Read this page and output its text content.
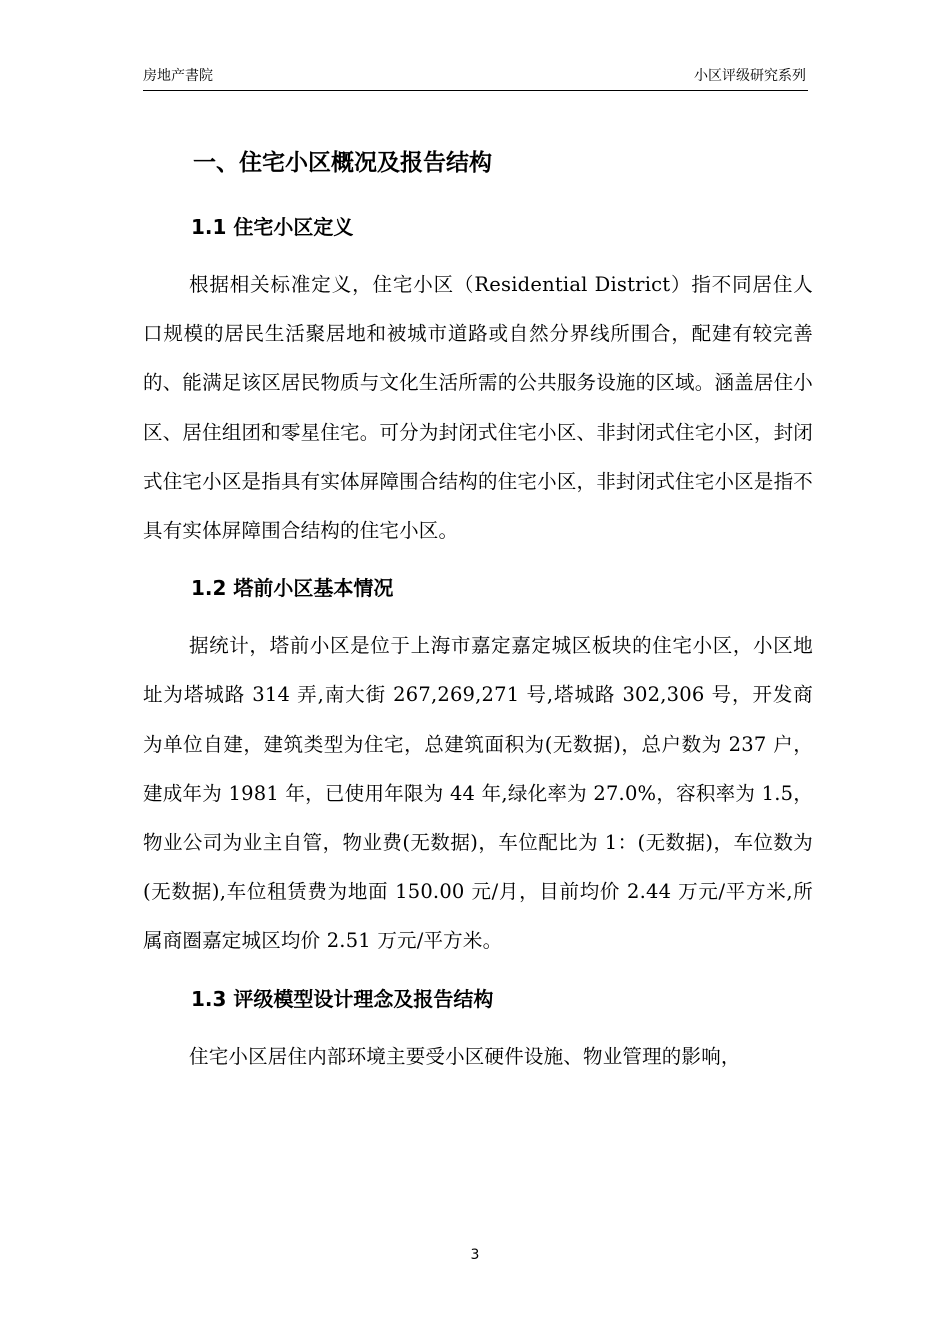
房地产書院	小区评级研究系列
一、住宅小区概况及报告结构
1.1 住宅小区定义

根据相关标准定义，住宅小区（Residential District）指不同居住人口规模的居民生活聚居地和被城市道路或自然分界线所围合，配建有较完善的、能满足该区居民物质与文化生活所需的公共服务设施的区域。涵盖居住小区、居住组团和零星住宅。可分为封闭式住宅小区、非封闭式住宅小区，封闭式住宅小区是指具有实体屏障围合结构的住宅小区，非封闭式住宅小区是指不具有实体屏障围合结构的住宅小区。

1.2 塔前小区基本情况

据统计，塔前小区是位于上海市嘉定嘉定城区板块的住宅小区，小区地址为塔城路 314 弄,南大街 267,269,271 号,塔城路 302,306 号，开发商为单位自建，建筑类型为住宅，总建筑面积为(无数据)，总户数为 237 户，建成年为 1981 年，已使用年限为 44 年,绿化率为 27.0%，容积率为 1.5，物业公司为业主自管，物业费(无数据)，车位配比为 1：(无数据)，车位数为(无数据),车位租赁费为地面 150.00 元/月，目前均价 2.44 万元/平方米,所属商圈嘉定城区均价 2.51 万元/平方米。

1.3 评级模型设计理念及报告结构

住宅小区居住内部环境主要受小区硬件设施、物业管理的影响，

3
